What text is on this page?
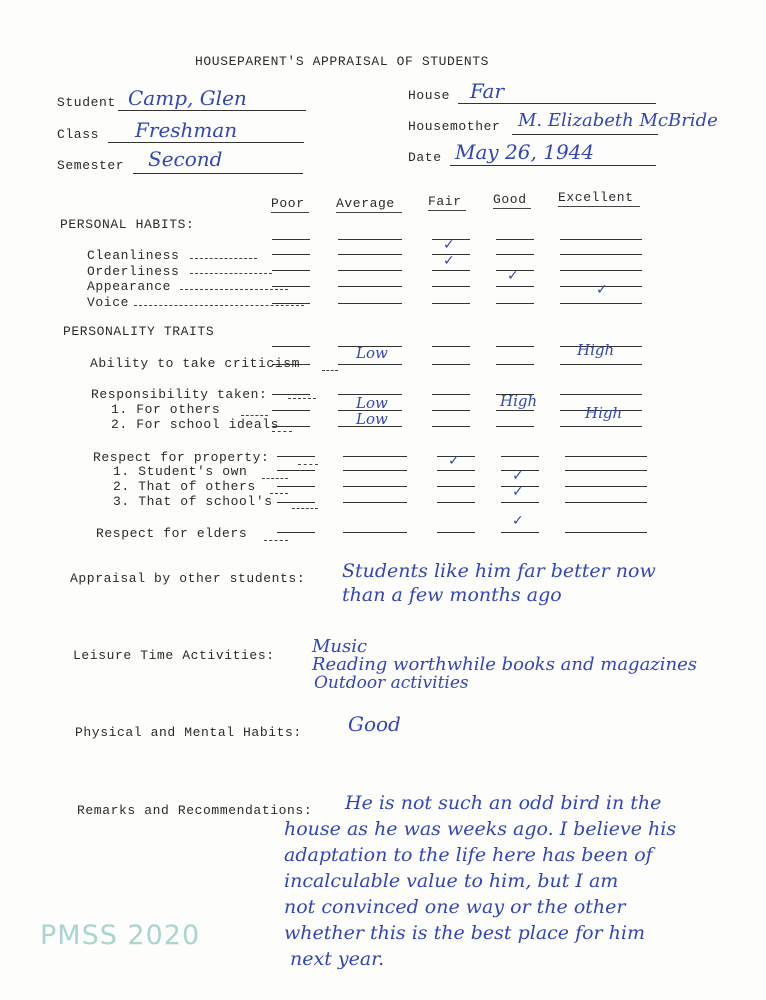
HOUSEPARENT'S APPRAISAL OF STUDENTS
Student Camp, Glen
Class Freshman
Semester Second
House Far
Housemother M. Elizabeth McBride
Date May 26, 1944
Poor Average	Fair Good Excellent
PERSONAL HABITS:
Cleanliness
Orderliness
Appearance
Voice
PERSONALITY TRAITS
Ability to take criticism
Responsibility taken:
1. For others
2. For school ideals
Respect for property:
1. Student's own
2. That of others
3. That of school's
Respect for elders
✓
✓
✓
✓
Low	High
Low
Low
High
High
✓
✓
✓
✓
Appraisal by other students: Students like him far better now
than a few months ago
Leisure Time Activities: Music
Reading worthwhile books and magazines
Outdoor activities
Physical and Mental Habits: Good
Remarks and Recommendations: He is not such an odd bird in the
house as he was weeks ago. I believe his
adaptation to the life here has been of
incalculable value to him, but I am
not convinced one way or the other
whether this is the best place for him
next year.
PMSS 2020
